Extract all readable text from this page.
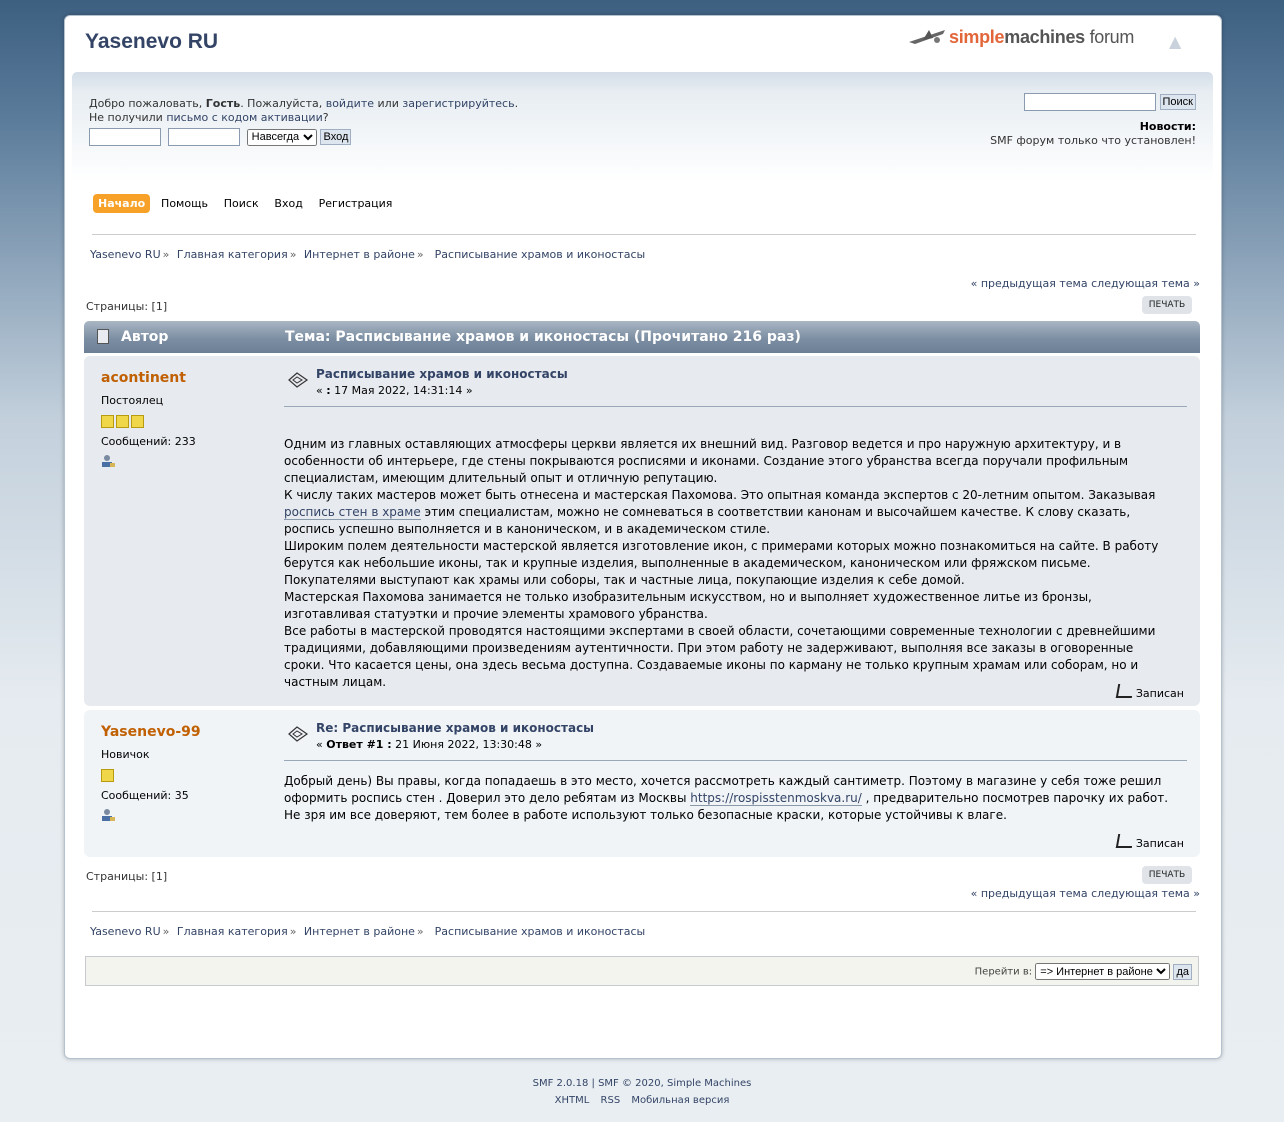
Yasenevo RU	simplemachines forum ▲
Добро пожаловать, Гость. Пожалуйста, войдите или зарегистрируйтесь.
Не получили письмо с кодом активации?

Навсегда Вход
Поиск
Новости:
SMF форум только что установлен!
Начало Помощь Поиск Вход Регистрация
Yasenevo RU » Главная категория » Интернет в районе » Расписывание храмов и иконостасы
« предыдущая тема следующая тема »
Страницы: [1]	ПЕЧАТЬ
Автор	Тема: Расписывание храмов и иконостасы (Прочитано 216 раз)
acontinent
Постоялец
Сообщений: 233
Расписывание храмов и иконостасы
« : 17 Мая 2022, 14:31:14 »
Одним из главных оставляющих атмосферы церкви является их внешний вид. Разговор ведется и про наружную архитектуру, и в особенности об интерьере, где стены покрываются росписями и иконами. Создание этого убранства всегда поручали профильным специалистам, имеющим длительный опыт и отличную репутацию.
К числу таких мастеров может быть отнесена и мастерская Пахомова. Это опытная команда экспертов с 20-летним опытом. Заказывая роспись стен в храме этим специалистам, можно не сомневаться в соответствии канонам и высочайшем качестве. К слову сказать, роспись успешно выполняется и в каноническом, и в академическом стиле.
Широким полем деятельности мастерской является изготовление икон, с примерами которых можно познакомиться на сайте. В работу берутся как небольшие иконы, так и крупные изделия, выполненные в академическом, каноническом или фряжском письме. Покупателями выступают как храмы или соборы, так и частные лица, покупающие изделия к себе домой.
Мастерская Пахомова занимается не только изобразительным искусством, но и выполняет художественное литье из бронзы, изготавливая статуэтки и прочие элементы храмового убранства.
Все работы в мастерской проводятся настоящими экспертами в своей области, сочетающими современные технологии с древнейшими традициями, добавляющими произведениям аутентичности. При этом работу не задерживают, выполняя все заказы в оговоренные сроки. Что касается цены, она здесь весьма доступна. Создаваемые иконы по карману не только крупным храмам или соборам, но и частным лицам.
Записан
Yasenevo-99
Новичок
Сообщений: 35
Re: Расписывание храмов и иконостасы
« Ответ #1 : 21 Июня 2022, 13:30:48 »
Добрый день) Вы правы, когда попадаешь в это место, хочется рассмотреть каждый сантиметр. Поэтому в магазине у себя тоже решил оформить роспись стен . Доверил это дело ребятам из Москвы https://rospisstenmoskva.ru/ , предварительно посмотрев парочку их работ. Не зря им все доверяют, тем более в работе используют только безопасные краски, которые устойчивы к влаге.
Записан
Страницы: [1]	ПЕЧАТЬ
« предыдущая тема следующая тема »
Yasenevo RU » Главная категория » Интернет в районе » Расписывание храмов и иконостасы
Перейти в:
=> Интернет в районе	да
SMF 2.0.18 | SMF © 2020, Simple Machines
XHTML RSS Мобильная версия
